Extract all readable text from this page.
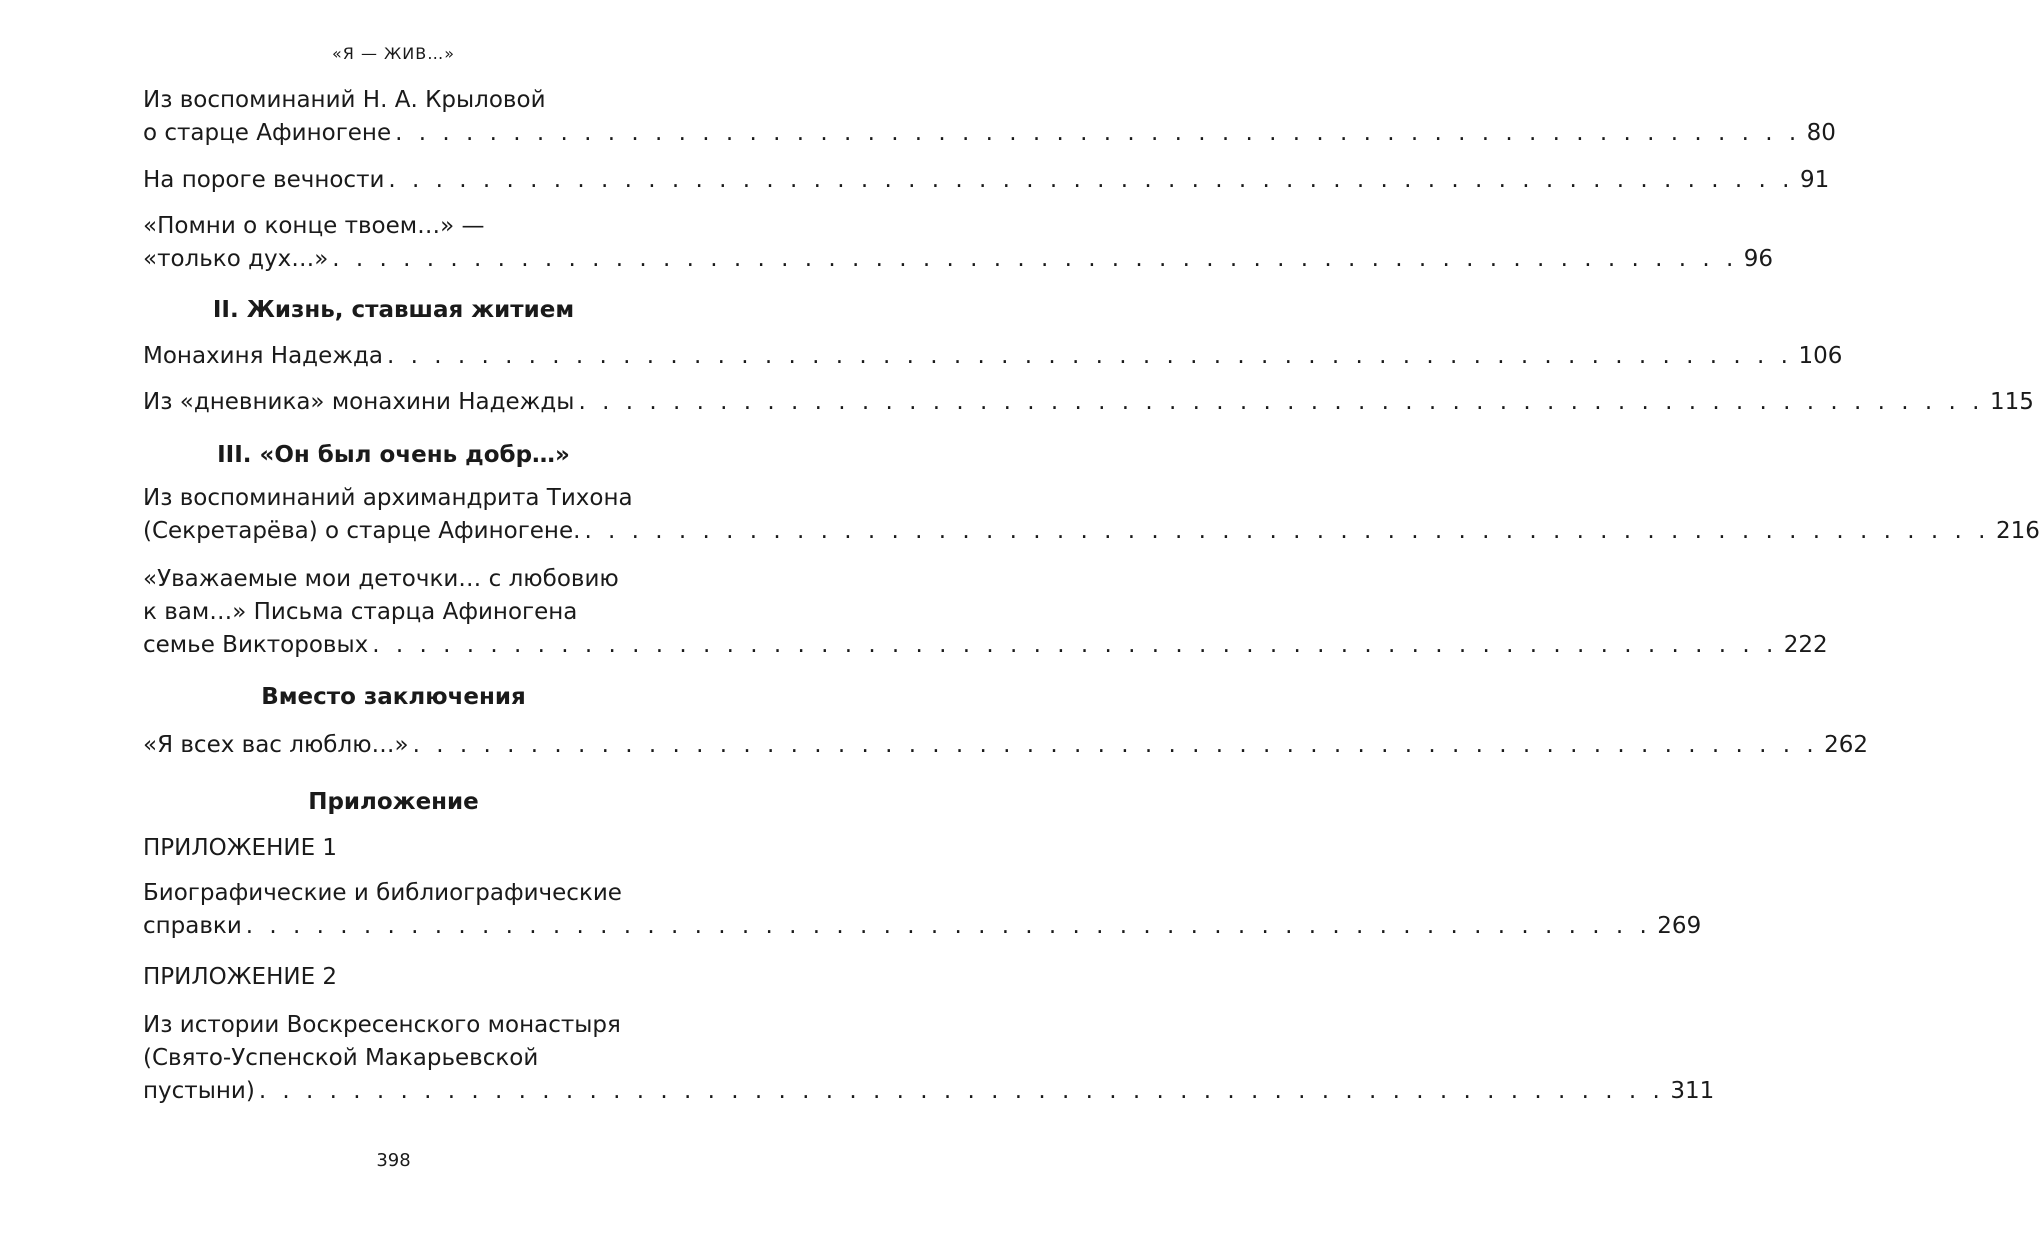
«Я — ЖИВ…»
Из воспоминаний Н. А. Крыловой
о старце Афиногене . . . . . . . . . . . . . . . . . . . . . . . . . . . . . . . . . . . . . . . . . . . . . . . . . . . . . . . . . . . . 80
На пороге вечности . . . . . . . . . . . . . . . . . . . . . . . . . . . . . . . . . . . . . . . . . . . . . . . . . . . . . . . . . . . . 91
«Помни о конце твоем…» —
«только дух…» . . . . . . . . . . . . . . . . . . . . . . . . . . . . . . . . . . . . . . . . . . . . . . . . . . . . . . . . . . . . 96
II. Жизнь, ставшая житием
Монахиня Надежда . . . . . . . . . . . . . . . . . . . . . . . . . . . . . . . . . . . . . . . . . . . . . . . . . . . . . . . . . . . . 106
Из «дневника» монахини Надежды . . . . . . . . . . . . . . . . . . . . . . . . . . . . . . . . . . . . . . . . . . . . . . . . . . . . . . . . . . . . 115
III. «Он был очень добр…»
Из воспоминаний архимандрита Тихона
(Секретарёва) о старце Афиногене. . . . . . . . . . . . . . . . . . . . . . . . . . . . . . . . . . . . . . . . . . . . . . . . . . . . . . . . . . . . . 216
«Уважаемые мои деточки… с любовию
к вам…» Письма старца Афиногена
семье Викторовых . . . . . . . . . . . . . . . . . . . . . . . . . . . . . . . . . . . . . . . . . . . . . . . . . . . . . . . . . . . . 222
Вместо заключения
«Я всех вас люблю…» . . . . . . . . . . . . . . . . . . . . . . . . . . . . . . . . . . . . . . . . . . . . . . . . . . . . . . . . . . . . 262
Приложение
ПРИЛОЖЕНИЕ 1
Биографические и библиографические
справки . . . . . . . . . . . . . . . . . . . . . . . . . . . . . . . . . . . . . . . . . . . . . . . . . . . . . . . . . . . . 269
ПРИЛОЖЕНИЕ 2
Из истории Воскресенского монастыря
(Свято-Успенской Макарьевской
пустыни) . . . . . . . . . . . . . . . . . . . . . . . . . . . . . . . . . . . . . . . . . . . . . . . . . . . . . . . . . . . . 311
398
